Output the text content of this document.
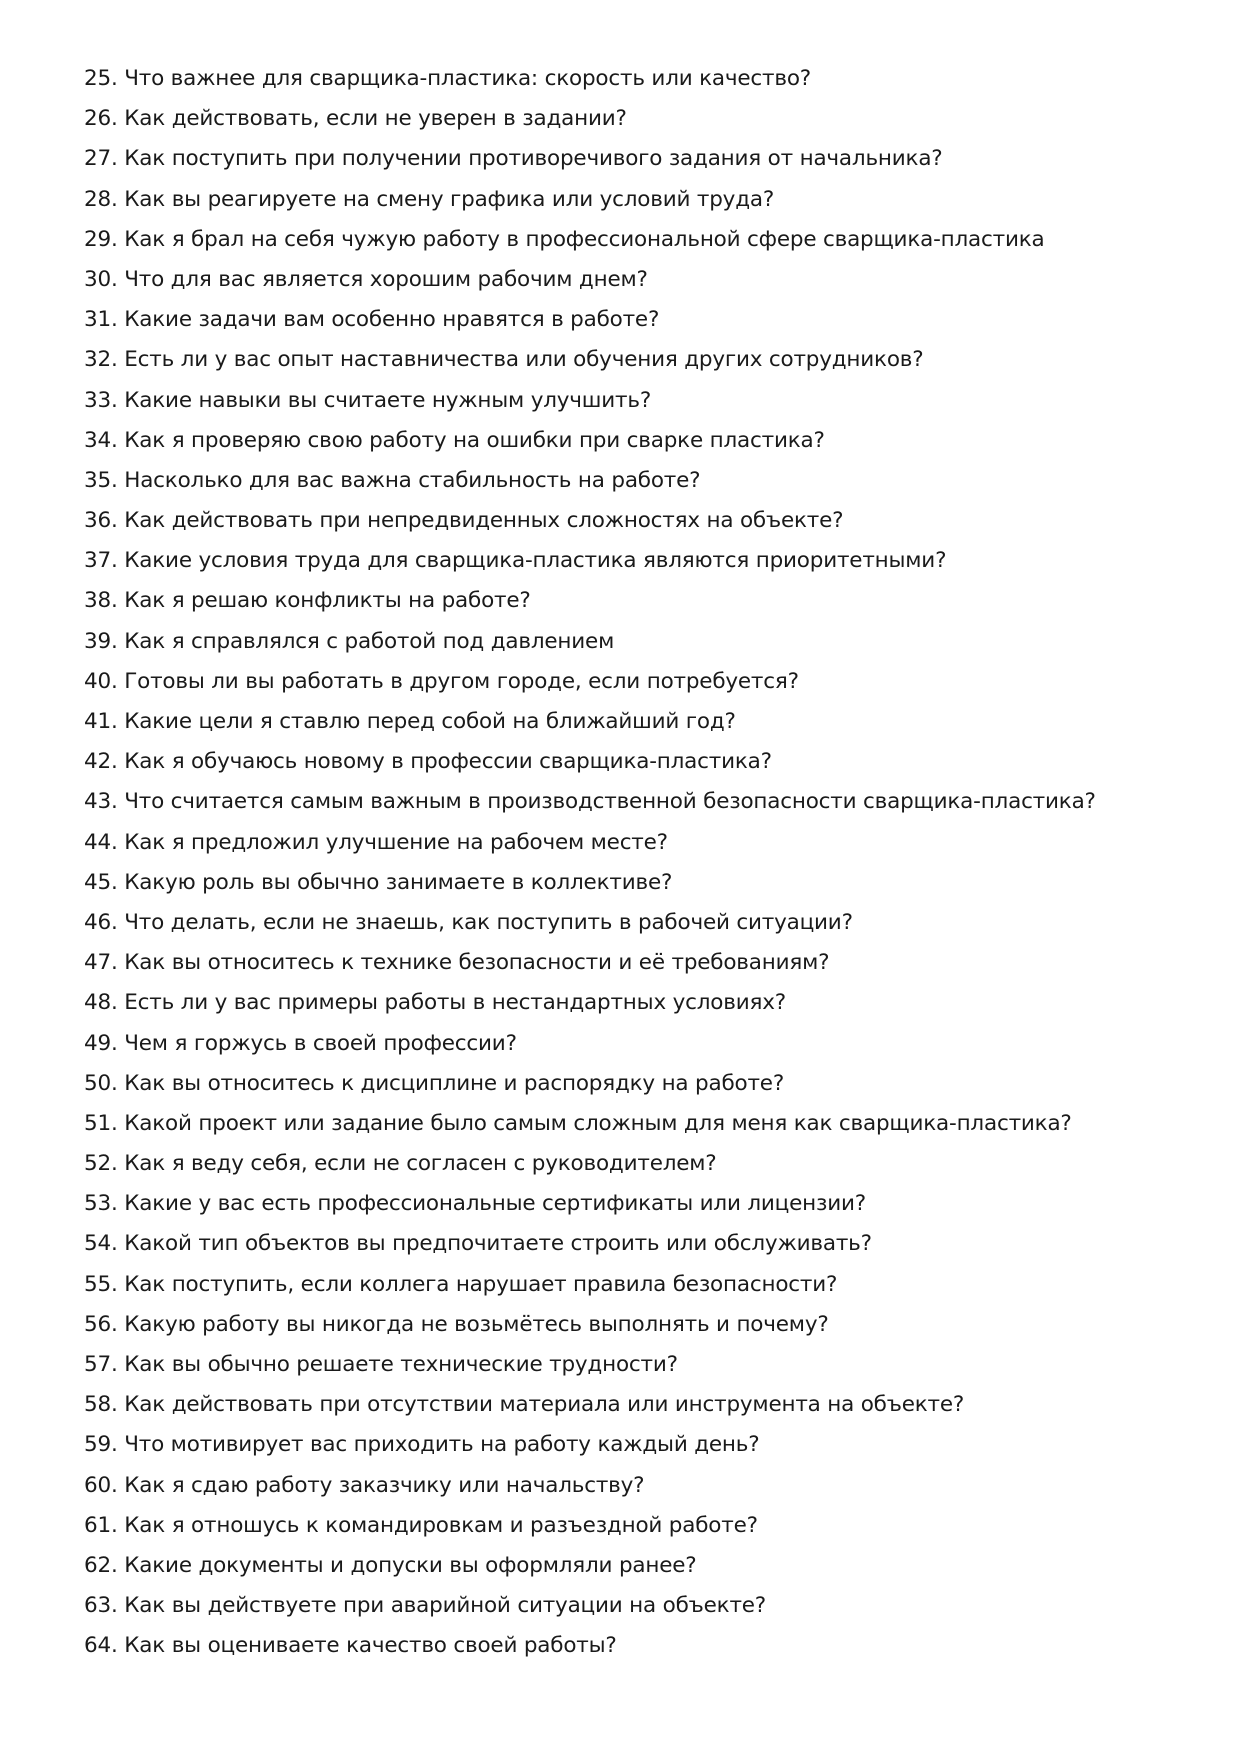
25. Что важнее для сварщика-пластика: скорость или качество?
26. Как действовать, если не уверен в задании?
27. Как поступить при получении противоречивого задания от начальника?
28. Как вы реагируете на смену графика или условий труда?
29. Как я брал на себя чужую работу в профессиональной сфере сварщика-пластика
30. Что для вас является хорошим рабочим днем?
31. Какие задачи вам особенно нравятся в работе?
32. Есть ли у вас опыт наставничества или обучения других сотрудников?
33. Какие навыки вы считаете нужным улучшить?
34. Как я проверяю свою работу на ошибки при сварке пластика?
35. Насколько для вас важна стабильность на работе?
36. Как действовать при непредвиденных сложностях на объекте?
37. Какие условия труда для сварщика-пластика являются приоритетными?
38. Как я решаю конфликты на работе?
39. Как я справлялся с работой под давлением
40. Готовы ли вы работать в другом городе, если потребуется?
41. Какие цели я ставлю перед собой на ближайший год?
42. Как я обучаюсь новому в профессии сварщика-пластика?
43. Что считается самым важным в производственной безопасности сварщика-пластика?
44. Как я предложил улучшение на рабочем месте?
45. Какую роль вы обычно занимаете в коллективе?
46. Что делать, если не знаешь, как поступить в рабочей ситуации?
47. Как вы относитесь к технике безопасности и её требованиям?
48. Есть ли у вас примеры работы в нестандартных условиях?
49. Чем я горжусь в своей профессии?
50. Как вы относитесь к дисциплине и распорядку на работе?
51. Какой проект или задание было самым сложным для меня как сварщика-пластика?
52. Как я веду себя, если не согласен с руководителем?
53. Какие у вас есть профессиональные сертификаты или лицензии?
54. Какой тип объектов вы предпочитаете строить или обслуживать?
55. Как поступить, если коллега нарушает правила безопасности?
56. Какую работу вы никогда не возьмётесь выполнять и почему?
57. Как вы обычно решаете технические трудности?
58. Как действовать при отсутствии материала или инструмента на объекте?
59. Что мотивирует вас приходить на работу каждый день?
60. Как я сдаю работу заказчику или начальству?
61. Как я отношусь к командировкам и разъездной работе?
62. Какие документы и допуски вы оформляли ранее?
63. Как вы действуете при аварийной ситуации на объекте?
64. Как вы оцениваете качество своей работы?
